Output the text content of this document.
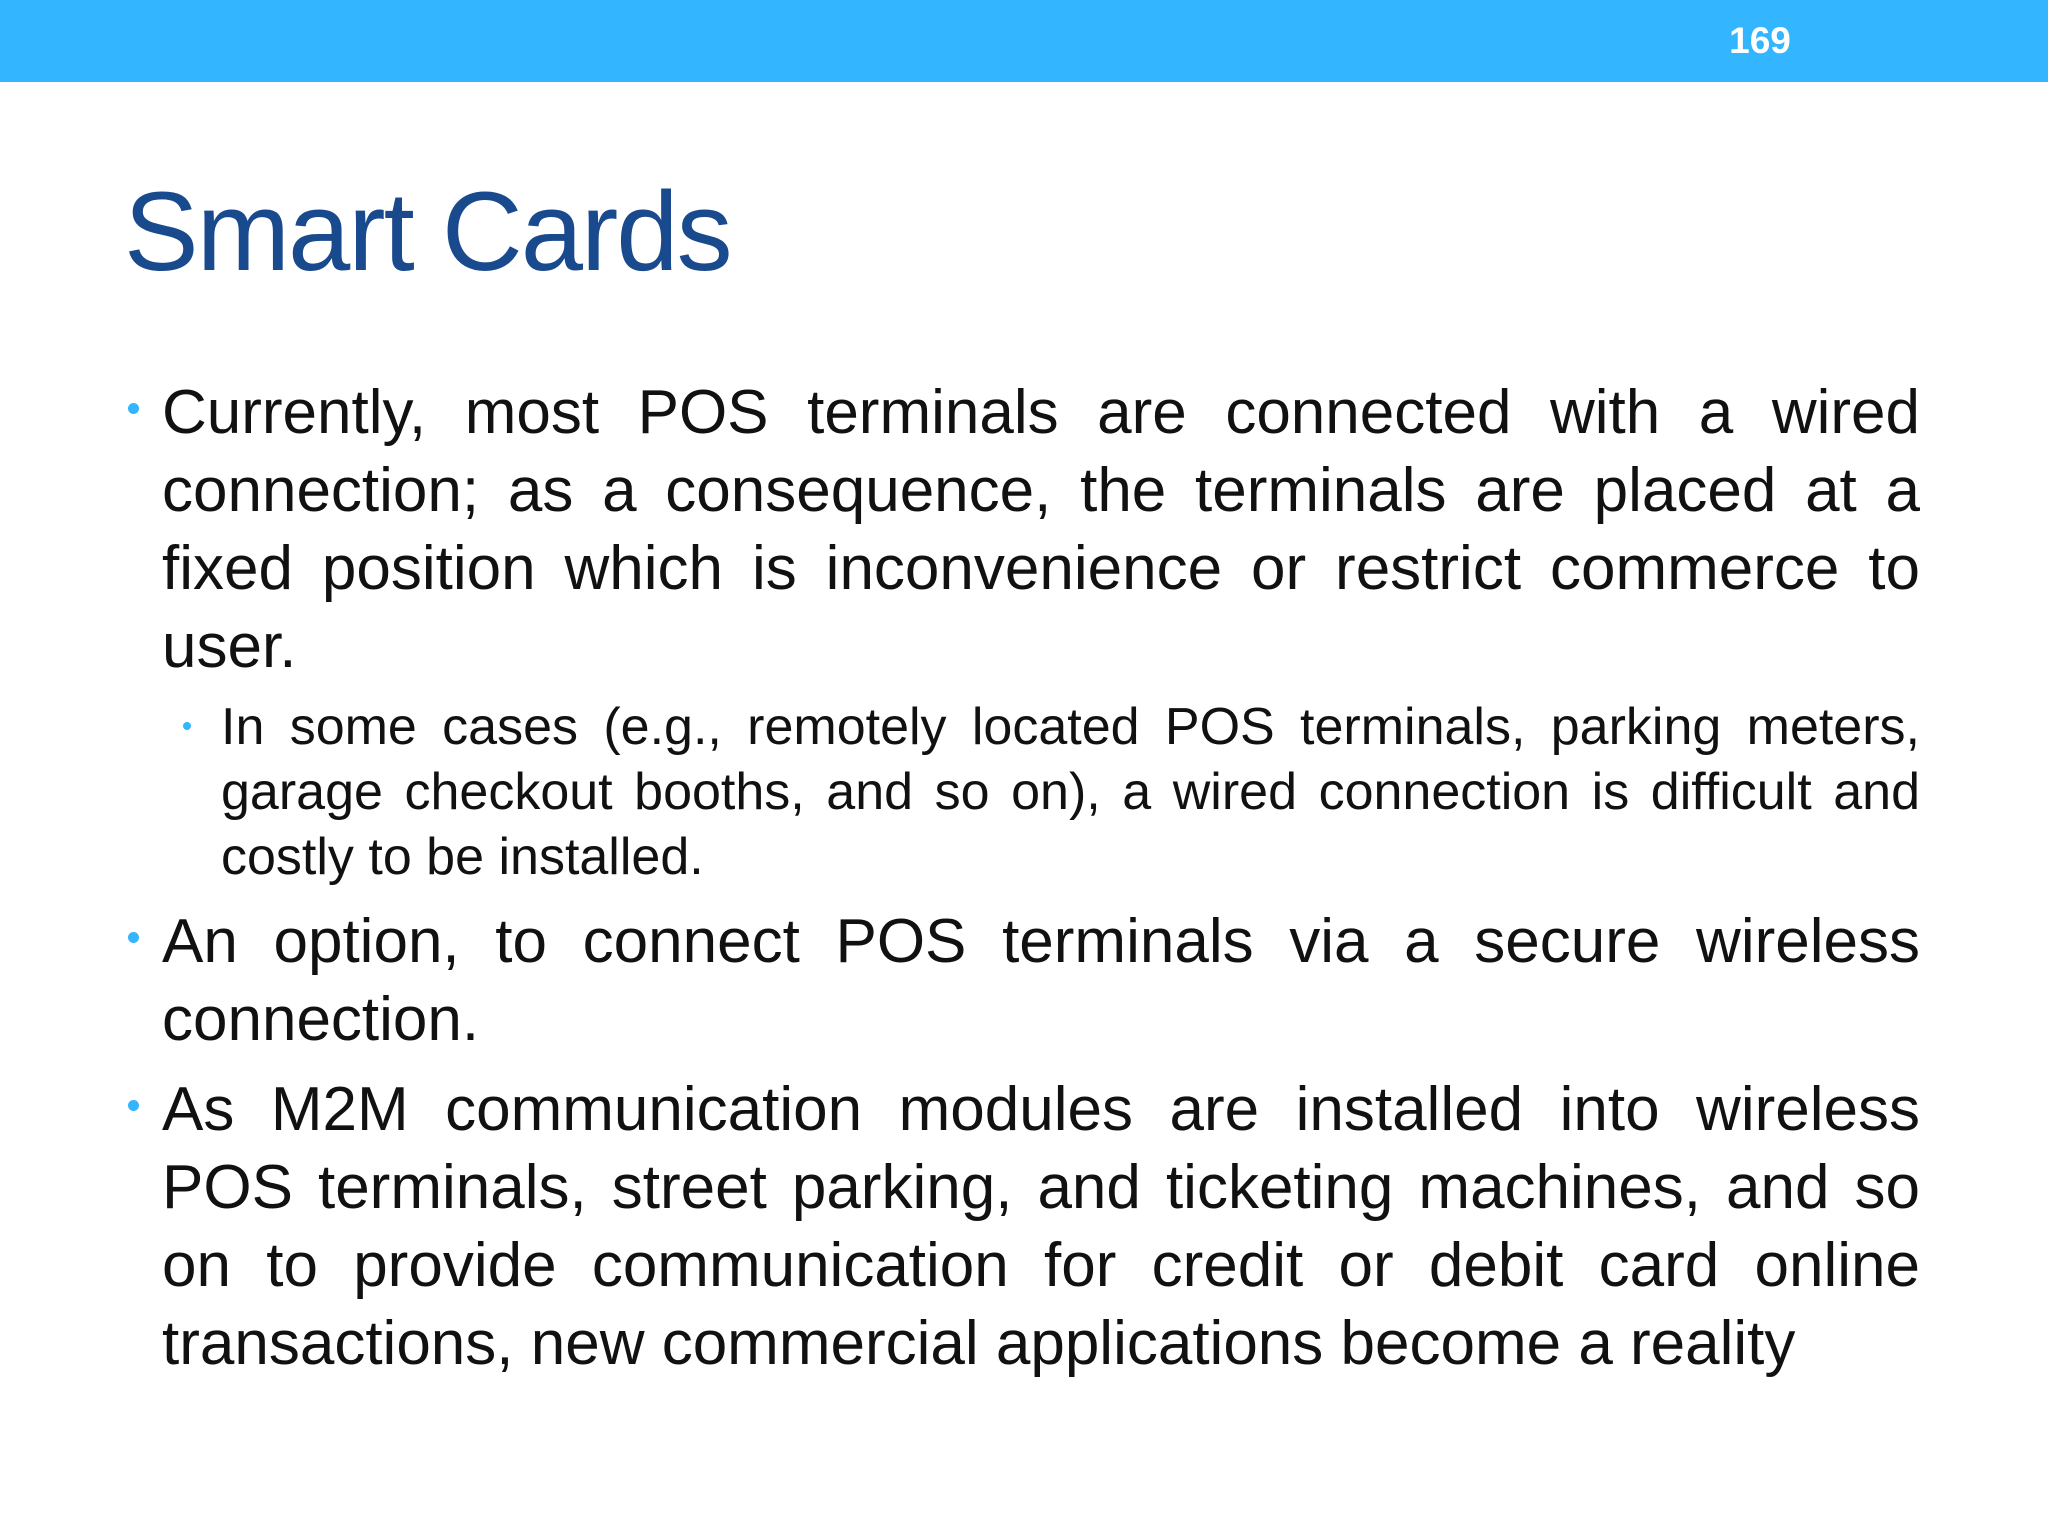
169
Smart Cards
Currently, most POS terminals are connected with a wired connection; as a consequence, the terminals are placed at a fixed position which is inconvenience or restrict commerce to user.
In some cases (e.g., remotely located POS terminals, parking meters, garage checkout booths, and so on), a wired connection is difficult and costly to be installed.
An option, to connect POS terminals via a secure wireless connection.
As M2M communication modules are installed into wireless POS terminals, street parking, and ticketing machines, and so on to provide communication for credit or debit card online transactions, new commercial applications become a reality
